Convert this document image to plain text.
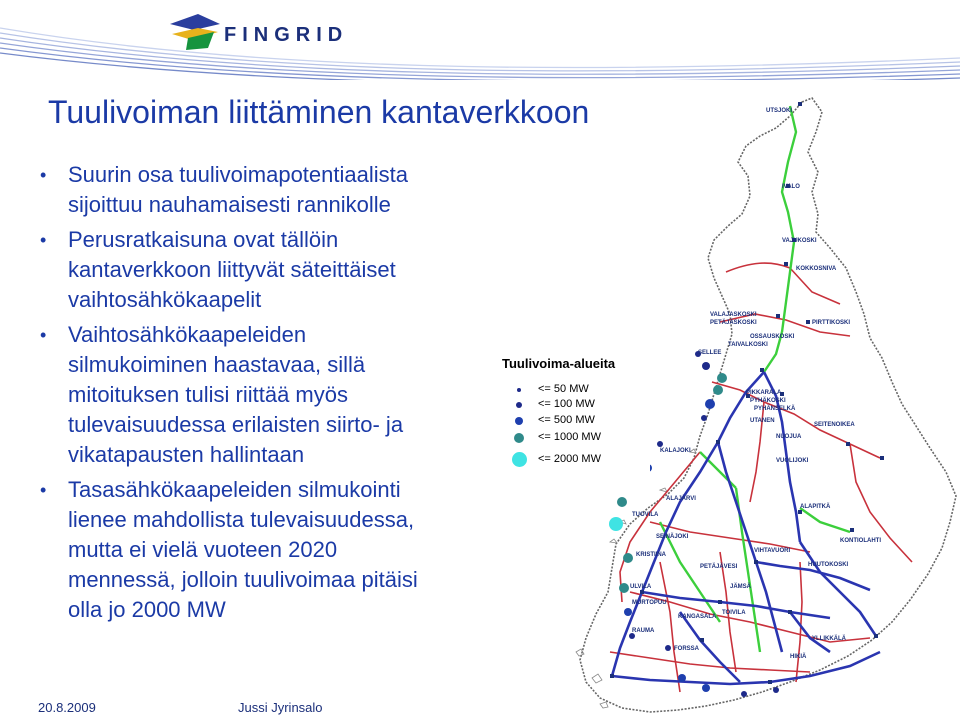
FINGRID
Tuulivoiman liittäminen kantaverkkoon
• Suurin osa tuulivoimapotentiaalista
sijoittuu nauhamaisesti rannikolle
• Perusratkaisuna ovat tällöin
kantaverkkoon liittyvät säteittäiset
vaihtosähkökaapelit
• Vaihtosähkökaapeleiden
silmukoiminen haastavaa, sillä
mitoituksen tulisi riittää myös
tulevaisuudessa erilaisten siirto- ja
vikatapausten hallintaan
• Tasasähkökaapeleiden silmukointi
lienee mahdollista tulevaisuudessa,
mutta ei vielä vuoteen 2020
mennessä, jolloin tuulivoimaa pitäisi
olla jo 2000 MW
UTSJOKI
IVALO
VAJUKOSKI
KOKKOSNIVA
VALAJASKOSKI
PETÄJÄSKOSKI	PIRTTIKOSKI
OSSAUSKOSKI
TAIVALKOSKI
SELLEE
PIKKARALA
PYHÄKOSKI
PYHÄNSELKÄ
UTANEN
SEITENOIKEA
NUOJUA
VUOLIJOKI
ALAPITKÄ
KONTIOLAHTI
HUUTOKOSKI
VIHTAVUORI
PETÄJÄVESI
JÄMSÄ
TOIVILA
YLLIKKÄLÄ
HIKIÄ
FORSSA
KANGASALA
TUOVILA
SEINÄJOKI
KRISTIINA
ULVILA
RAUMA
MURTOPUU
ALAJÄRVI
KALAJOKI
Tuulivoima-alueita
<= 50 MW
<= 100 MW
<= 500 MW
<= 1000 MW
<= 2000 MW
20.8.2009	Jussi Jyrinsalo
